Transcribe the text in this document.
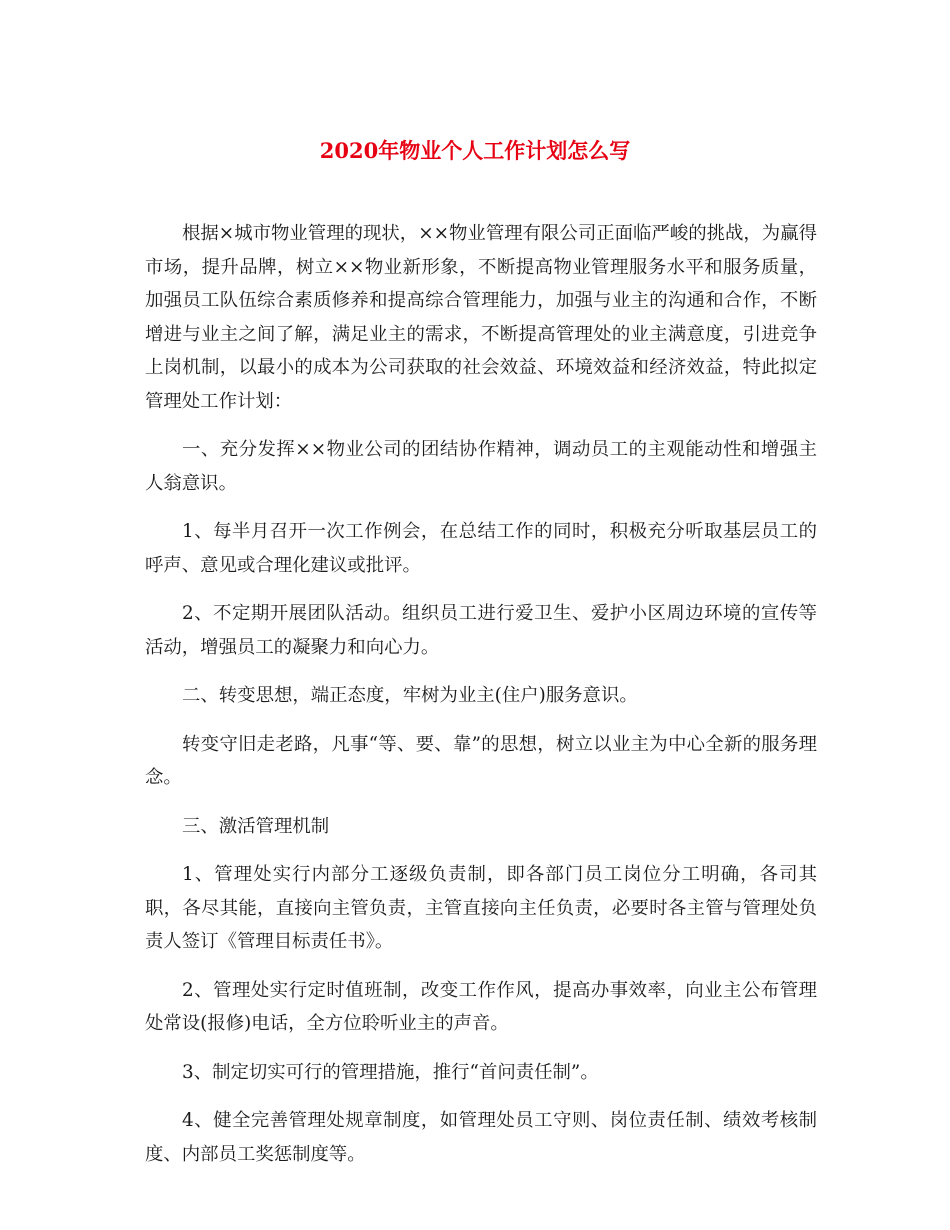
2020年物业个人工作计划怎么写

根据×城市物业管理的现状，××物业管理有限公司正面临严峻的挑战，为赢得市场，提升品牌，树立××物业新形象，不断提高物业管理服务水平和服务质量，加强员工队伍综合素质修养和提高综合管理能力，加强与业主的沟通和合作，不断增进与业主之间了解，满足业主的需求，不断提高管理处的业主满意度，引进竞争上岗机制，以最小的成本为公司获取的社会效益、环境效益和经济效益，特此拟定管理处工作计划：

一、充分发挥××物业公司的团结协作精神，调动员工的主观能动性和增强主人翁意识。

1、每半月召开一次工作例会，在总结工作的同时，积极充分听取基层员工的呼声、意见或合理化建议或批评。

2、不定期开展团队活动。组织员工进行爱卫生、爱护小区周边环境的宣传等活动，增强员工的凝聚力和向心力。

二、转变思想，端正态度，牢树为业主(住户)服务意识。

转变守旧走老路，凡事“等、要、靠”的思想，树立以业主为中心全新的服务理念。

三、激活管理机制

1、管理处实行内部分工逐级负责制，即各部门员工岗位分工明确，各司其职，各尽其能，直接向主管负责，主管直接向主任负责，必要时各主管与管理处负责人签订《管理目标责任书》。

2、管理处实行定时值班制，改变工作作风，提高办事效率，向业主公布管理处常设(报修)电话，全方位聆听业主的声音。

3、制定切实可行的管理措施，推行“首问责任制”。

4、健全完善管理处规章制度，如管理处员工守则、岗位责任制、绩效考核制度、内部员工奖惩制度等。
